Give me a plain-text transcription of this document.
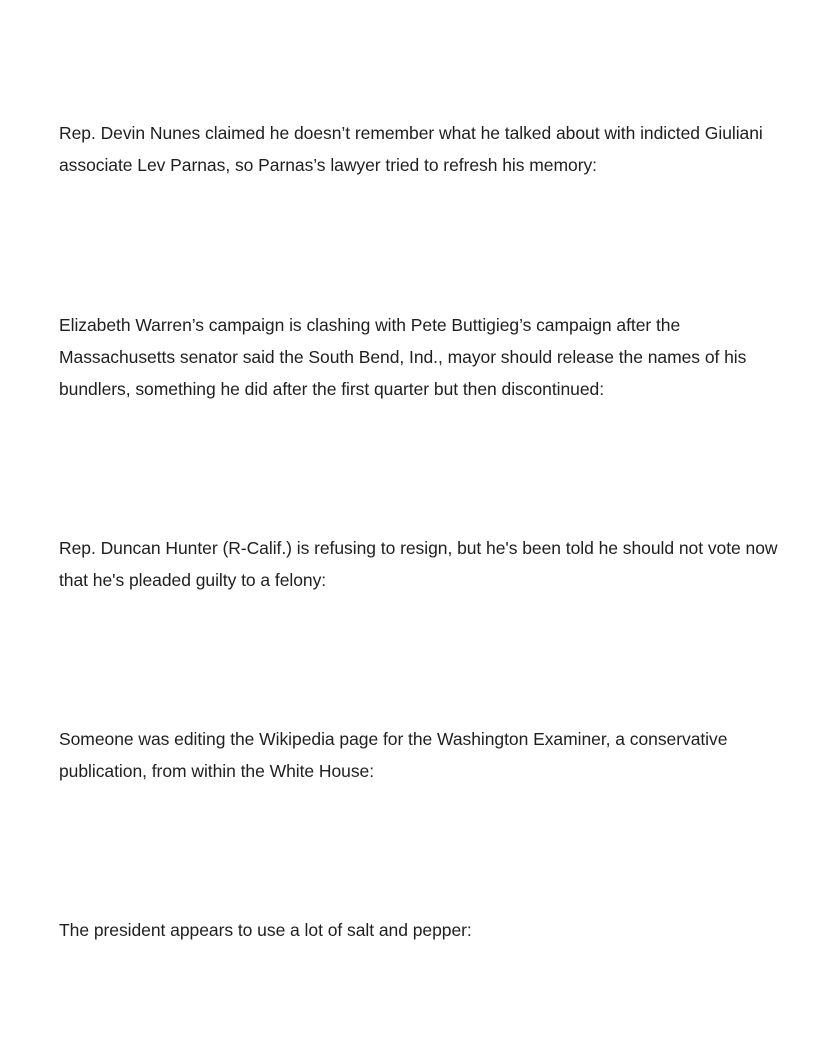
Rep. Devin Nunes claimed he doesn’t remember what he talked about with indicted Giuliani associate Lev Parnas, so Parnas’s lawyer tried to refresh his memory:

Elizabeth Warren’s campaign is clashing with Pete Buttigieg’s campaign after the Massachusetts senator said the South Bend, Ind., mayor should release the names of his bundlers, something he did after the first quarter but then discontinued:

Rep. Duncan Hunter (R-Calif.) is refusing to resign, but he's been told he should not vote now that he's pleaded guilty to a felony:

Someone was editing the Wikipedia page for the Washington Examiner, a conservative publication, from within the White House:

The president appears to use a lot of salt and pepper:
